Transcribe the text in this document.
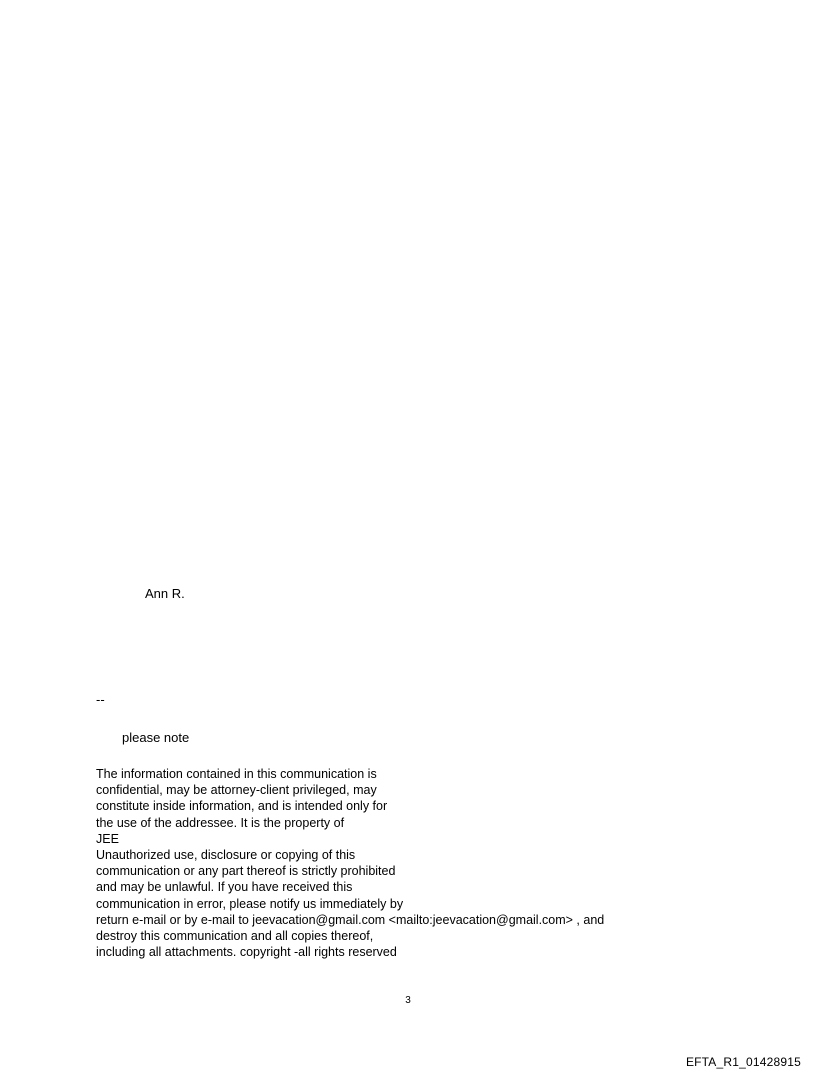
Ann R.
--
please note
The information contained in this communication is
confidential, may be attorney-client privileged, may
constitute inside information, and is intended only for
the use of the addressee. It is the property of
JEE
Unauthorized use, disclosure or copying of this
communication or any part thereof is strictly prohibited
and may be unlawful. If you have received this
communication in error, please notify us immediately by
return e-mail or by e-mail to jeevacation@gmail.com <mailto:jeevacation@gmail.com> , and
destroy this communication and all copies thereof,
including all attachments. copyright -all rights reserved
3
EFTA_R1_01428915
